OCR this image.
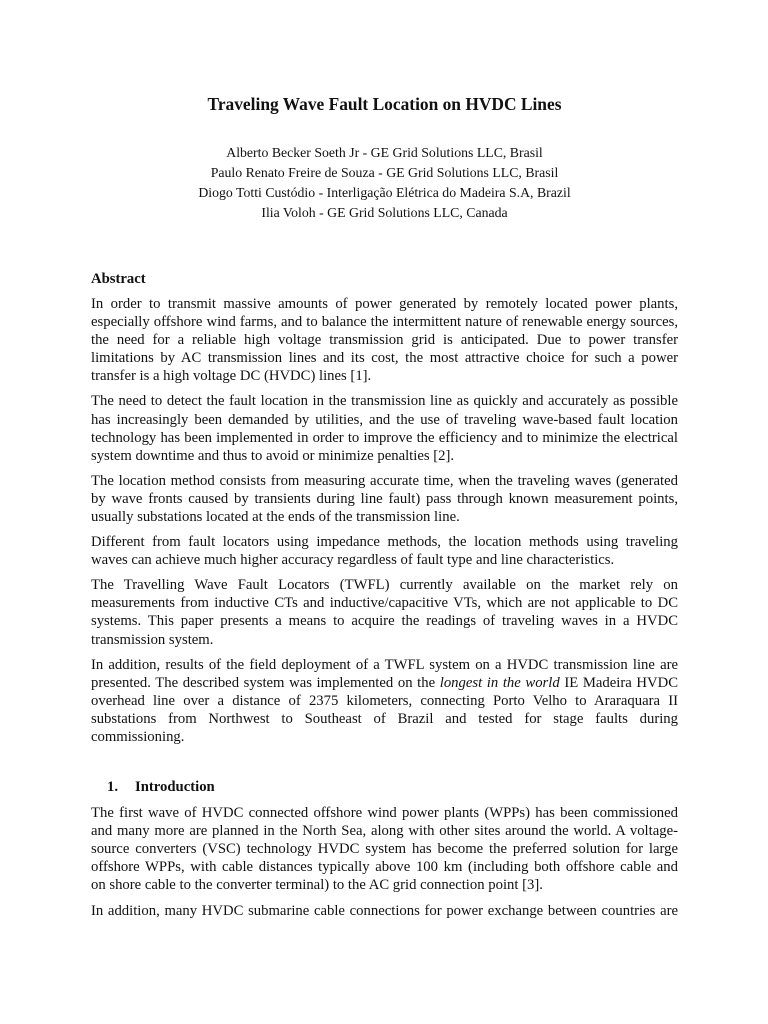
Traveling Wave Fault Location on HVDC Lines
Alberto Becker Soeth Jr - GE Grid Solutions LLC, Brasil
Paulo Renato Freire de Souza - GE Grid Solutions LLC, Brasil
Diogo Totti Custódio - Interligação Elétrica do Madeira S.A, Brazil
Ilia Voloh - GE Grid Solutions LLC, Canada
Abstract
In order to transmit massive amounts of power generated by remotely located power plants,
especially offshore wind farms, and to balance the intermittent nature of renewable energy sources,
the need for a reliable high voltage transmission grid is anticipated. Due to power transfer
limitations by AC transmission lines and its cost, the most attractive choice for such a power
transfer is a high voltage DC (HVDC) lines [1].
The need to detect the fault location in the transmission line as quickly and accurately as possible
has increasingly been demanded by utilities, and the use of traveling wave-based fault location
technology has been implemented in order to improve the efficiency and to minimize the electrical
system downtime and thus to avoid or minimize penalties [2].
The location method consists from measuring accurate time, when the traveling waves (generated
by wave fronts caused by transients during line fault) pass through known measurement points,
usually substations located at the ends of the transmission line.
Different from fault locators using impedance methods, the location methods using traveling
waves can achieve much higher accuracy regardless of fault type and line characteristics.
The Travelling Wave Fault Locators (TWFL) currently available on the market rely on
measurements from inductive CTs and inductive/capacitive VTs, which are not applicable to DC
systems. This paper presents a means to acquire the readings of traveling waves in a HVDC
transmission system.
In addition, results of the field deployment of a TWFL system on a HVDC transmission line are
presented. The described system was implemented on the longest in the world IE Madeira HVDC
overhead line over a distance of 2375 kilometers, connecting Porto Velho to Araraquara II
substations from Northwest to Southeast of Brazil and tested for stage faults during
commissioning.
1. Introduction
The first wave of HVDC connected offshore wind power plants (WPPs) has been commissioned
and many more are planned in the North Sea, along with other sites around the world. A voltage-
source converters (VSC) technology HVDC system has become the preferred solution for large
offshore WPPs, with cable distances typically above 100 km (including both offshore cable and
on shore cable to the converter terminal) to the AC grid connection point [3].
In addition, many HVDC submarine cable connections for power exchange between countries are
